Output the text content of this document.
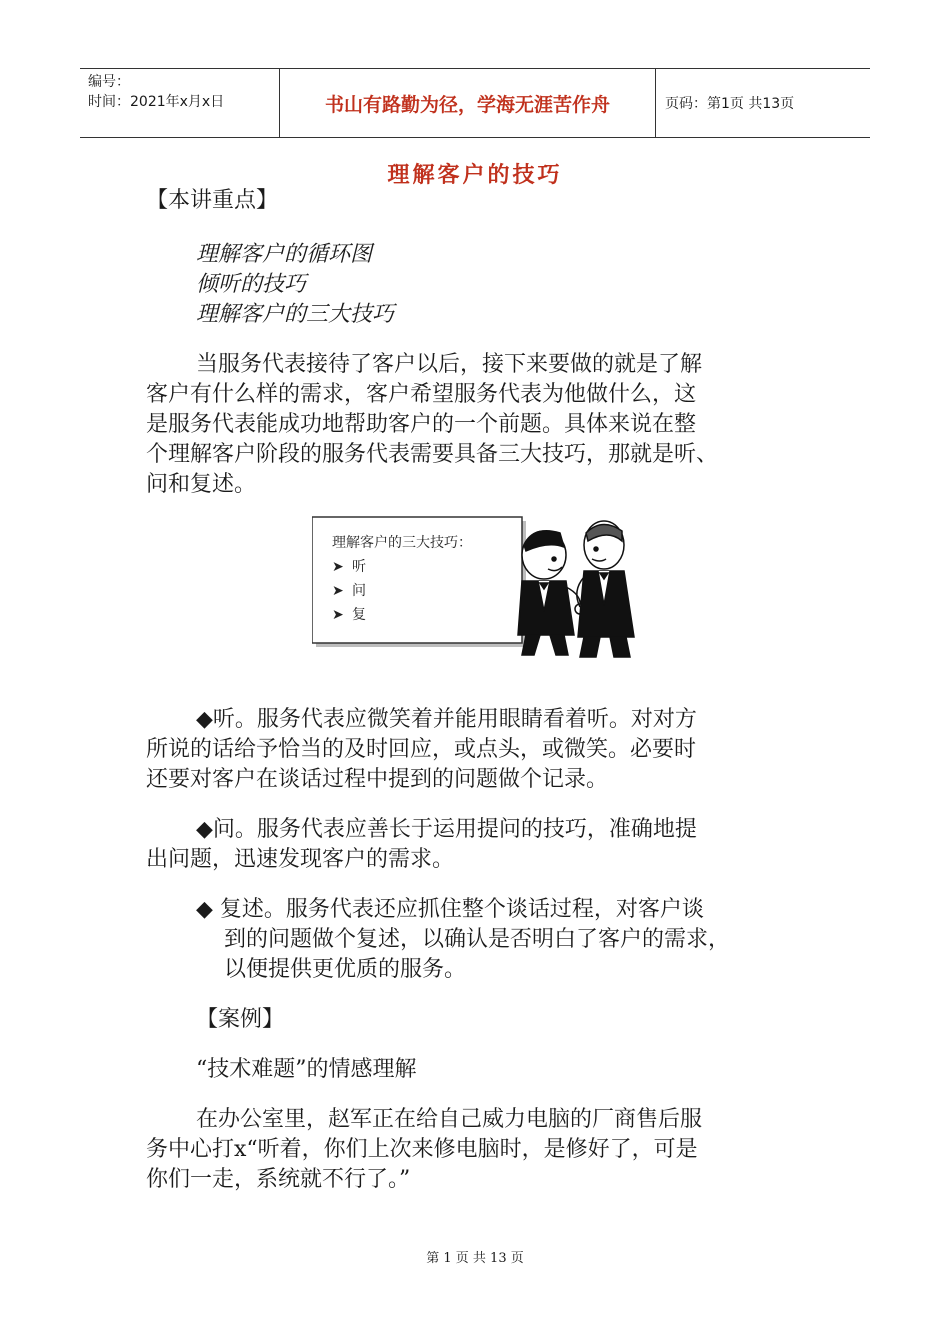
编号：
时间：2021年x月x日	书山有路勤为径，学海无涯苦作舟	页码：第1页 共13页
理解客户的技巧
【本讲重点】
理解客户的循环图
倾听的技巧
理解客户的三大技巧
当服务代表接待了客户以后，接下来要做的就是了解
客户有什么样的需求，客户希望服务代表为他做什么，这
是服务代表能成功地帮助客户的一个前题。具体来说在整
个理解客户阶段的服务代表需要具备三大技巧，那就是听、
问和复述。
理解客户的三大技巧：
➤ 听
➤ 问
➤ 复
◆听。服务代表应微笑着并能用眼睛看着听。对对方
所说的话给予恰当的及时回应，或点头，或微笑。必要时
还要对客户在谈话过程中提到的问题做个记录。
◆问。服务代表应善长于运用提问的技巧，准确地提
出问题，迅速发现客户的需求。
◆ 复述。服务代表还应抓住整个谈话过程，对客户谈
到的问题做个复述，以确认是否明白了客户的需求，
以便提供更优质的服务。
【案例】
“技术难题”的情感理解
在办公室里，赵军正在给自己威力电脑的厂商售后服
务中心打x“听着，你们上次来修电脑时，是修好了，可是
你们一走，系统就不行了。”
第 1 页 共 13 页
